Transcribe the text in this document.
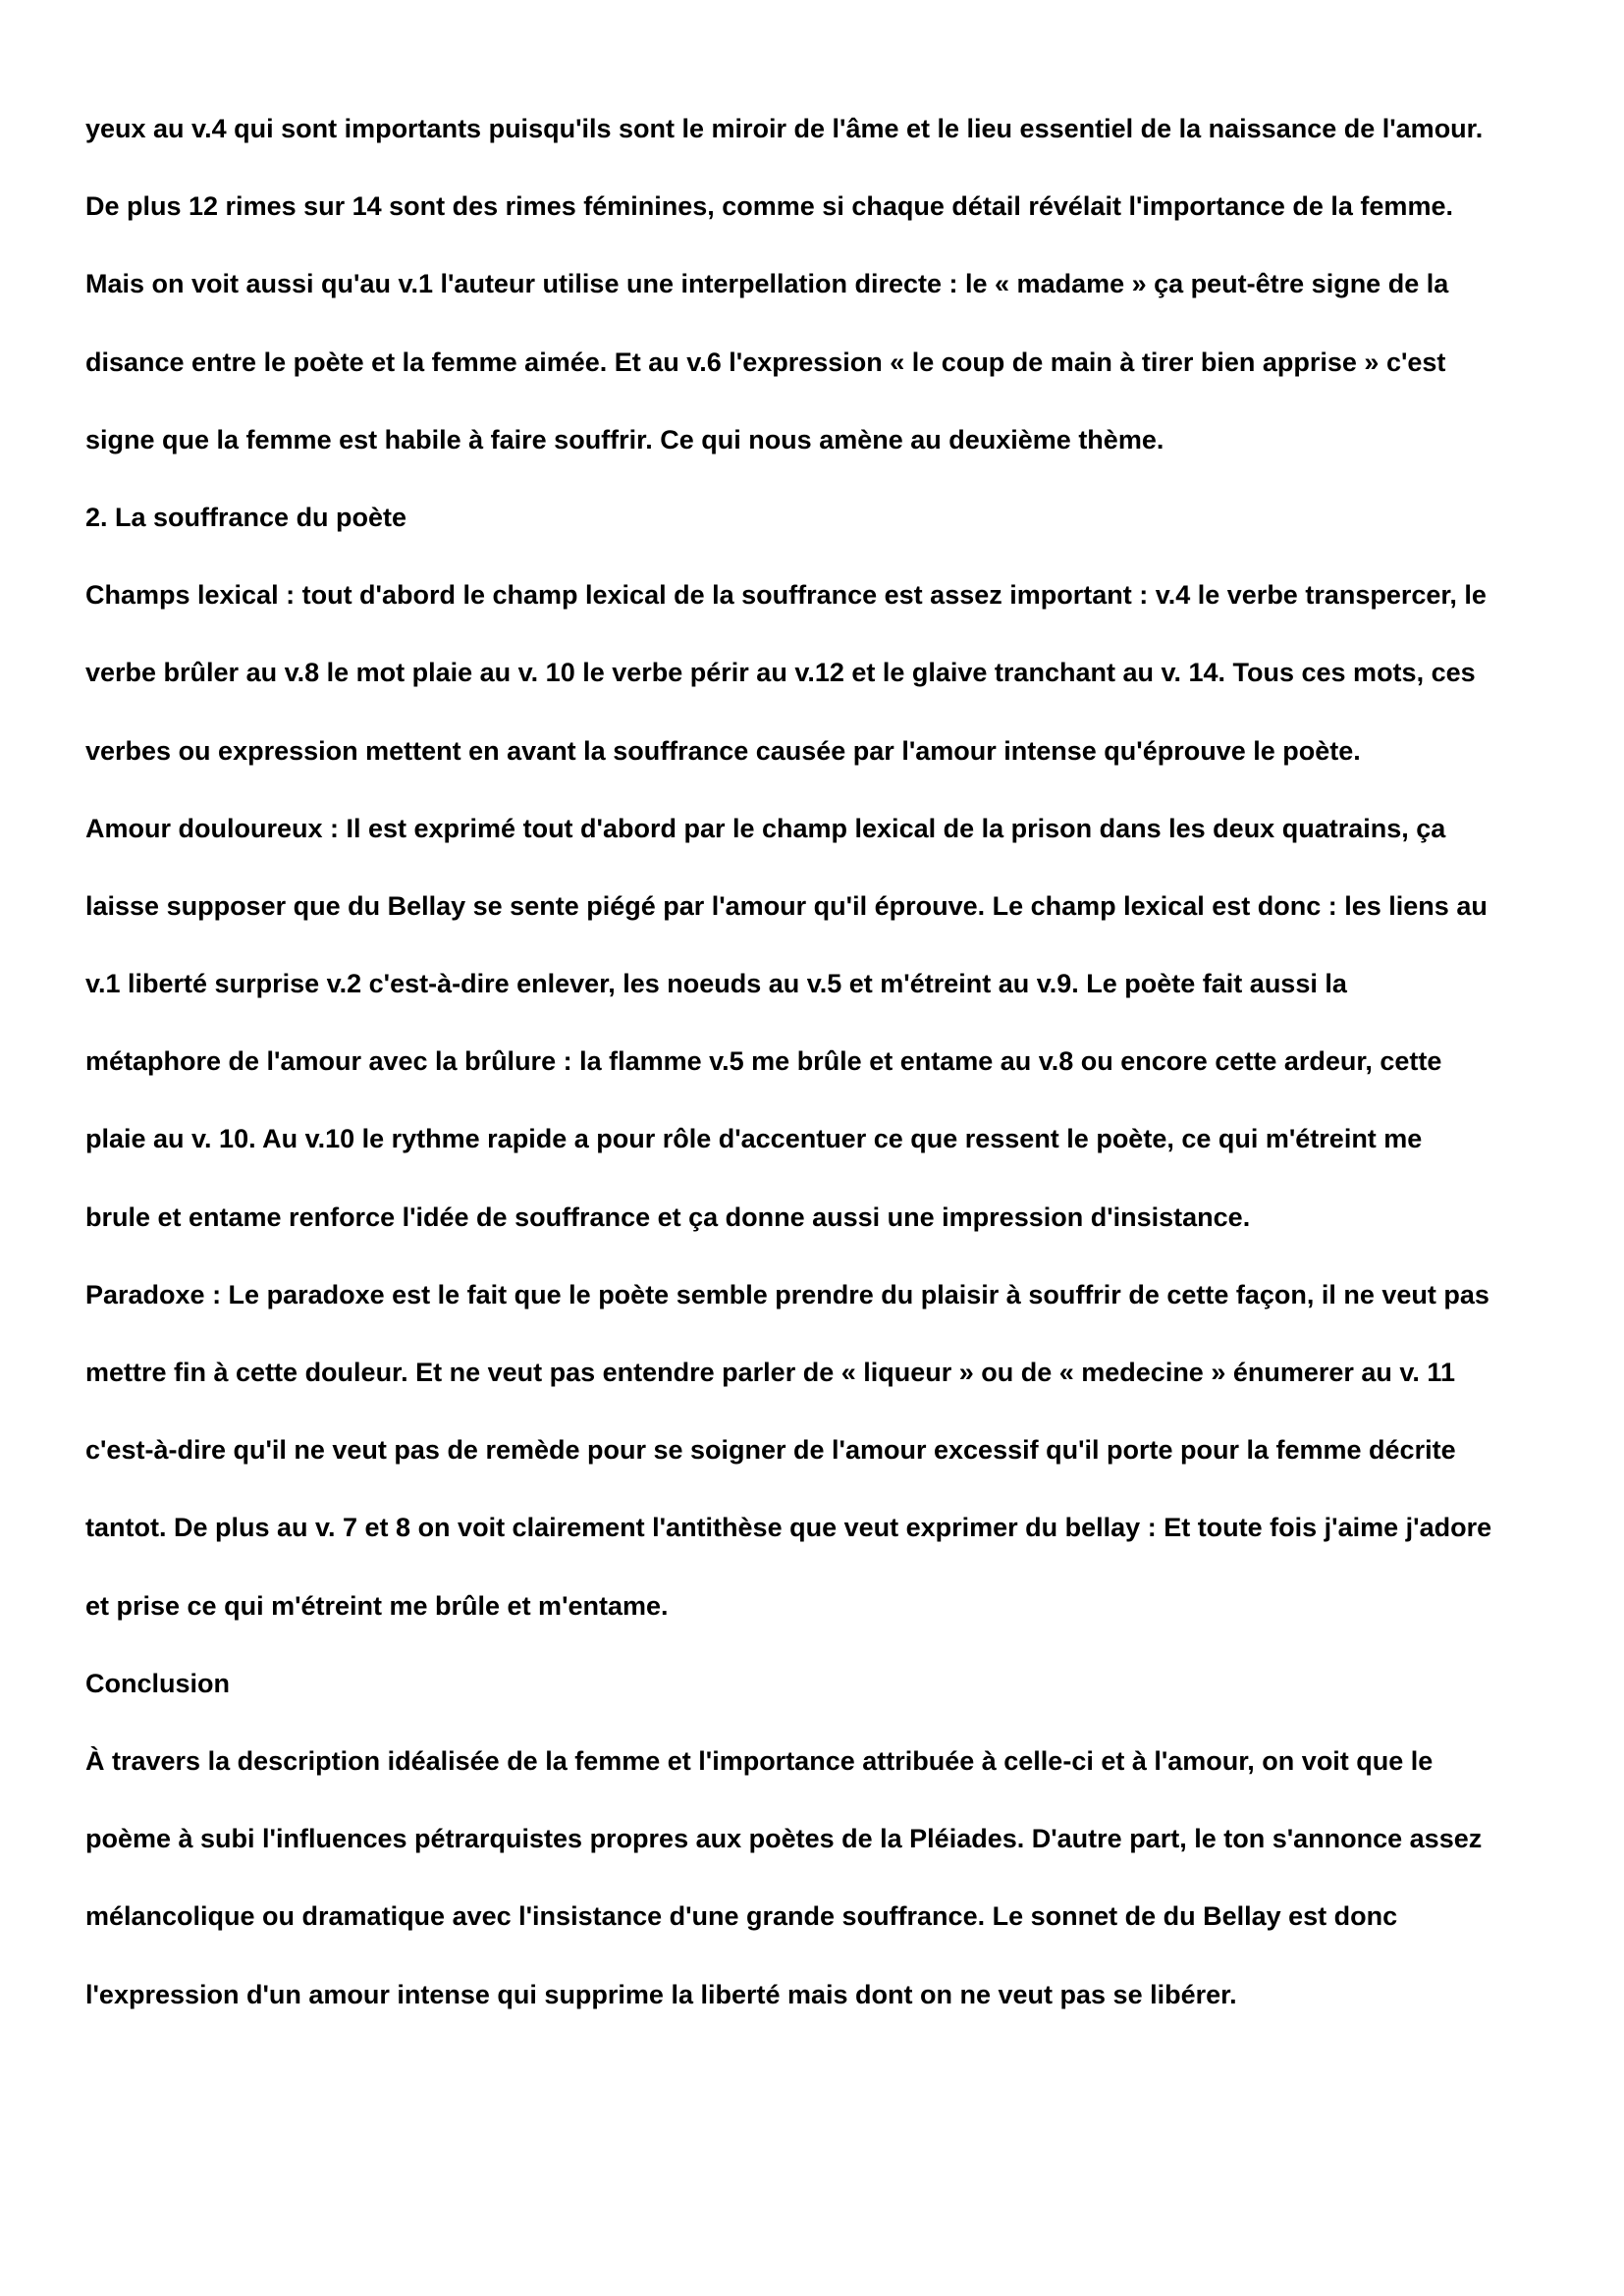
yeux au v.4 qui sont importants puisqu'ils sont le miroir de l'âme et le lieu essentiel de la naissance de l'amour.
De plus 12 rimes sur 14 sont des rimes féminines, comme si chaque détail révélait l'importance de la femme.
Mais on voit aussi qu'au v.1 l'auteur utilise une interpellation directe : le « madame » ça peut-être signe de la
disance entre le poète et la femme aimée. Et au v.6 l'expression « le coup de main à tirer bien apprise » c'est
signe que la femme est habile à faire souffrir. Ce qui nous amène au deuxième thème.
2. La souffrance du poète
Champs lexical : tout d'abord le champ lexical de la souffrance est assez important : v.4 le verbe transpercer, le
verbe brûler au v.8 le mot plaie au v. 10 le verbe périr au v.12 et le glaive tranchant au v. 14. Tous ces mots, ces
verbes ou expression mettent en avant la souffrance causée par l'amour intense qu'éprouve le poète.
Amour douloureux : Il est exprimé tout d'abord par le champ lexical de la prison dans les deux quatrains, ça
laisse supposer que du Bellay se sente piégé par l'amour qu'il éprouve. Le champ lexical est donc : les liens au
v.1 liberté surprise v.2 c'est-à-dire enlever, les noeuds au v.5 et m'étreint au v.9. Le poète fait aussi la
métaphore de l'amour avec la brûlure : la flamme v.5 me brûle et entame au v.8 ou encore cette ardeur, cette
plaie au v. 10. Au v.10 le rythme rapide a pour rôle d'accentuer ce que ressent le poète, ce qui m'étreint me
brule et entame renforce l'idée de souffrance et ça donne aussi une impression d'insistance.
Paradoxe : Le paradoxe est le fait que le poète semble prendre du plaisir à souffrir de cette façon, il ne veut pas
mettre fin à cette douleur. Et ne veut pas entendre parler de « liqueur » ou de « medecine » énumerer au v. 11
c'est-à-dire qu'il ne veut pas de remède pour se soigner de l'amour excessif qu'il porte pour la femme décrite
tantot. De plus au v. 7 et 8 on voit clairement l'antithèse que veut exprimer du bellay : Et toute fois j'aime j'adore
et prise ce qui m'étreint me brûle et m'entame.
Conclusion
À travers la description idéalisée de la femme et l'importance attribuée à celle-ci et à l'amour, on voit que le
poème à subi l'influences pétrarquistes propres aux poètes de la Pléiades. D'autre part, le ton s'annonce assez
mélancolique ou dramatique avec l'insistance d'une grande souffrance. Le sonnet de du Bellay est donc
l'expression d'un amour intense qui supprime la liberté mais dont on ne veut pas se libérer.
